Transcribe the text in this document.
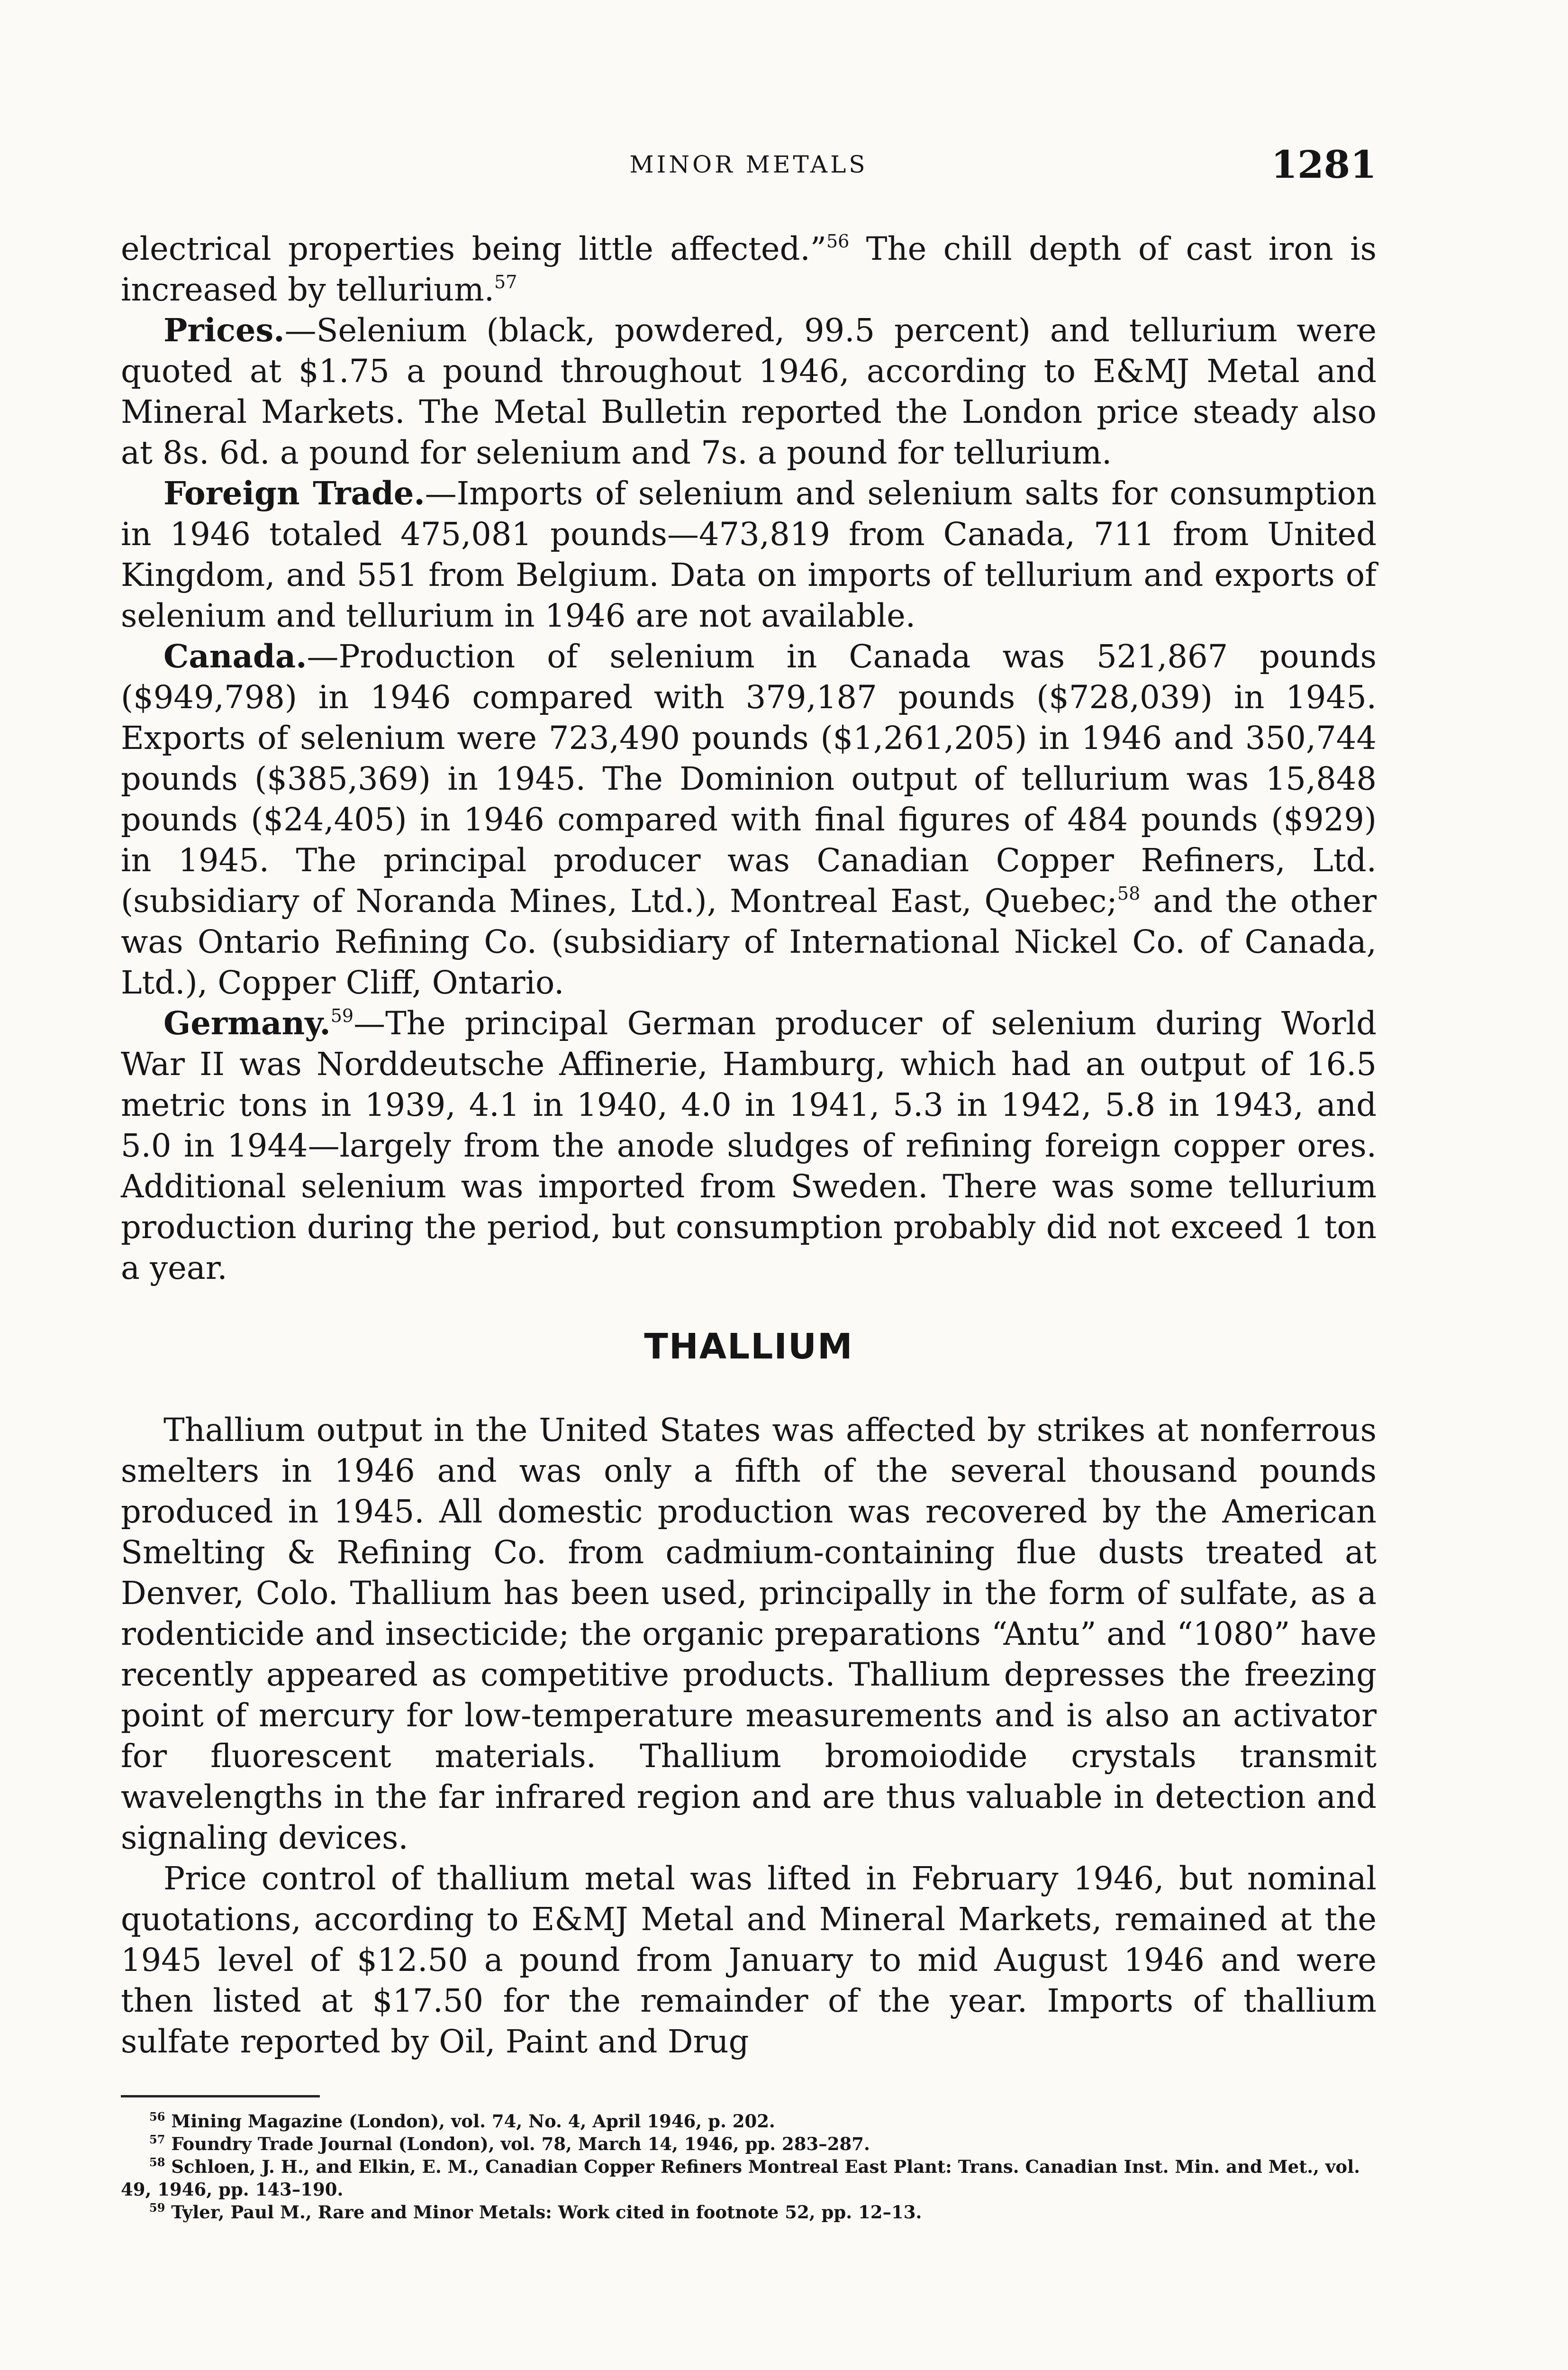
MINOR METALS	1281

electrical properties being little affected.”$^{56}$ The chill depth of cast iron is increased by tellurium.$^{57}$

Prices.—Selenium (black, powdered, 99.5 percent) and tellurium were quoted at $1.75 a pound throughout 1946, according to E&MJ Metal and Mineral Markets. The Metal Bulletin reported the London price steady also at 8s. 6d. a pound for selenium and 7s. a pound for tellurium.

Foreign Trade.—Imports of selenium and selenium salts for consumption in 1946 totaled 475,081 pounds—473,819 from Canada, 711 from United Kingdom, and 551 from Belgium. Data on imports of tellurium and exports of selenium and tellurium in 1946 are not available.

Canada.—Production of selenium in Canada was 521,867 pounds ($949,798) in 1946 compared with 379,187 pounds ($728,039) in 1945. Exports of selenium were 723,490 pounds ($1,261,205) in 1946 and 350,744 pounds ($385,369) in 1945. The Dominion output of tellurium was 15,848 pounds ($24,405) in 1946 compared with final figures of 484 pounds ($929) in 1945. The principal producer was Canadian Copper Refiners, Ltd. (subsidiary of Noranda Mines, Ltd.), Montreal East, Quebec;$^{58}$ and the other was Ontario Refining Co. (subsidiary of International Nickel Co. of Canada, Ltd.), Copper Cliff, Ontario.

Germany.$^{59}$—The principal German producer of selenium during World War II was Norddeutsche Affinerie, Hamburg, which had an output of 16.5 metric tons in 1939, 4.1 in 1940, 4.0 in 1941, 5.3 in 1942, 5.8 in 1943, and 5.0 in 1944—largely from the anode sludges of refining foreign copper ores. Additional selenium was imported from Sweden. There was some tellurium production during the period, but consumption probably did not exceed 1 ton a year.

THALLIUM

Thallium output in the United States was affected by strikes at nonferrous smelters in 1946 and was only a fifth of the several thousand pounds produced in 1945. All domestic production was recovered by the American Smelting & Refining Co. from cadmium-containing flue dusts treated at Denver, Colo. Thallium has been used, principally in the form of sulfate, as a rodenticide and insecticide; the organic preparations “Antu” and “1080” have recently appeared as competitive products. Thallium depresses the freezing point of mercury for low-temperature measurements and is also an activator for fluorescent materials. Thallium bromoiodide crystals transmit wavelengths in the far infrared region and are thus valuable in detection and signaling devices.

Price control of thallium metal was lifted in February 1946, but nominal quotations, according to E&MJ Metal and Mineral Markets, remained at the 1945 level of $12.50 a pound from January to mid August 1946 and were then listed at $17.50 for the remainder of the year. Imports of thallium sulfate reported by Oil, Paint and Drug

$^{56}$ Mining Magazine (London), vol. 74, No. 4, April 1946, p. 202.

$^{57}$ Foundry Trade Journal (London), vol. 78, March 14, 1946, pp. 283–287.

$^{58}$ Schloen, J. H., and Elkin, E. M., Canadian Copper Refiners Montreal East Plant: Trans. Canadian Inst. Min. and Met., vol. 49, 1946, pp. 143–190.

$^{59}$ Tyler, Paul M., Rare and Minor Metals: Work cited in footnote 52, pp. 12–13.
